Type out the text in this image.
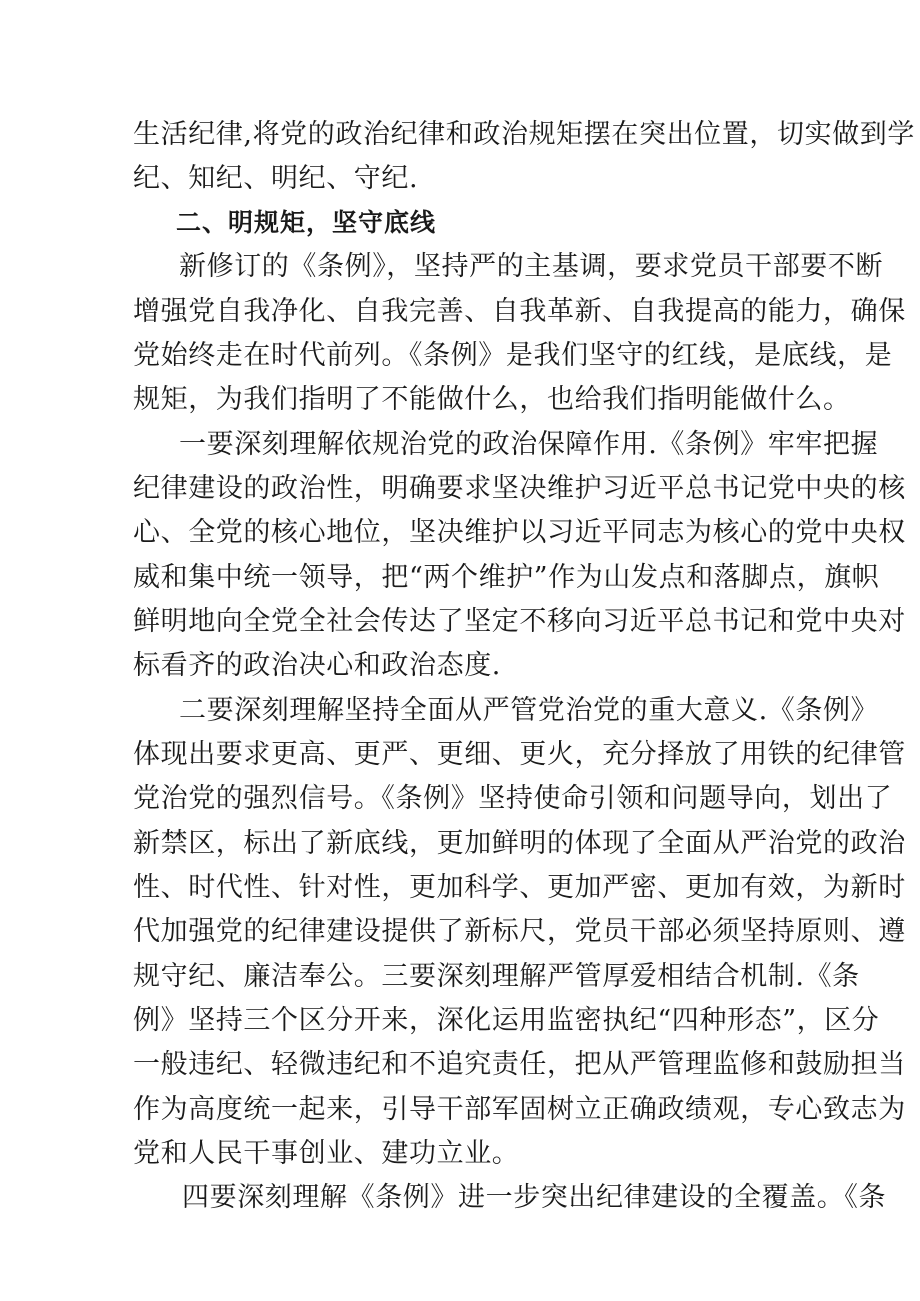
生活纪律,将党的政治纪律和政治规矩摆在突出位置，切实做到学

纪、知纪、明纪、守纪.

二、明规矩，坚守底线

新修订的《条例》，坚持严的主基调，要求党员干部要不断

增强党自我净化、自我完善、自我革新、自我提高的能力，确保

党始终走在时代前列。《条例》是我们坚守的红线，是底线，是

规矩，为我们指明了不能做什么，也给我们指明能做什么。

一要深刻理解依规治党的政治保障作用.《条例》牢牢把握

纪律建设的政治性，明确要求坚决维护习近平总书记党中央的核

心、全党的核心地位，坚决维护以习近平同志为核心的党中央权

威和集中统一领导，把“两个维护”作为山发点和落脚点，旗帜

鲜明地向全党全社会传达了坚定不移向习近平总书记和党中央对

标看齐的政治决心和政治态度.

二要深刻理解坚持全面从严管党治党的重大意义.《条例》

体现出要求更高、更严、更细、更火，充分择放了用铁的纪律管

党治党的强烈信号。《条例》坚持使命引领和问题导向，划出了

新禁区，标出了新底线，更加鲜明的体现了全面从严治党的政治

性、时代性、针对性，更加科学、更加严密、更加有效，为新时

代加强党的纪律建设提供了新标尺，党员干部必须坚持原则、遵

规守纪、廉洁奉公。三要深刻理解严管厚爱相结合机制.《条

例》坚持三个区分开来，深化运用监密执纪“四种形态”，区分

一般违纪、轻微违纪和不追究责任，把从严管理监修和鼓励担当

作为高度统一起来，引导干部军固树立正确政绩观，专心致志为

党和人民干事创业、建功立业。

四要深刻理解《条例》进一步突出纪律建设的全覆盖。《条
